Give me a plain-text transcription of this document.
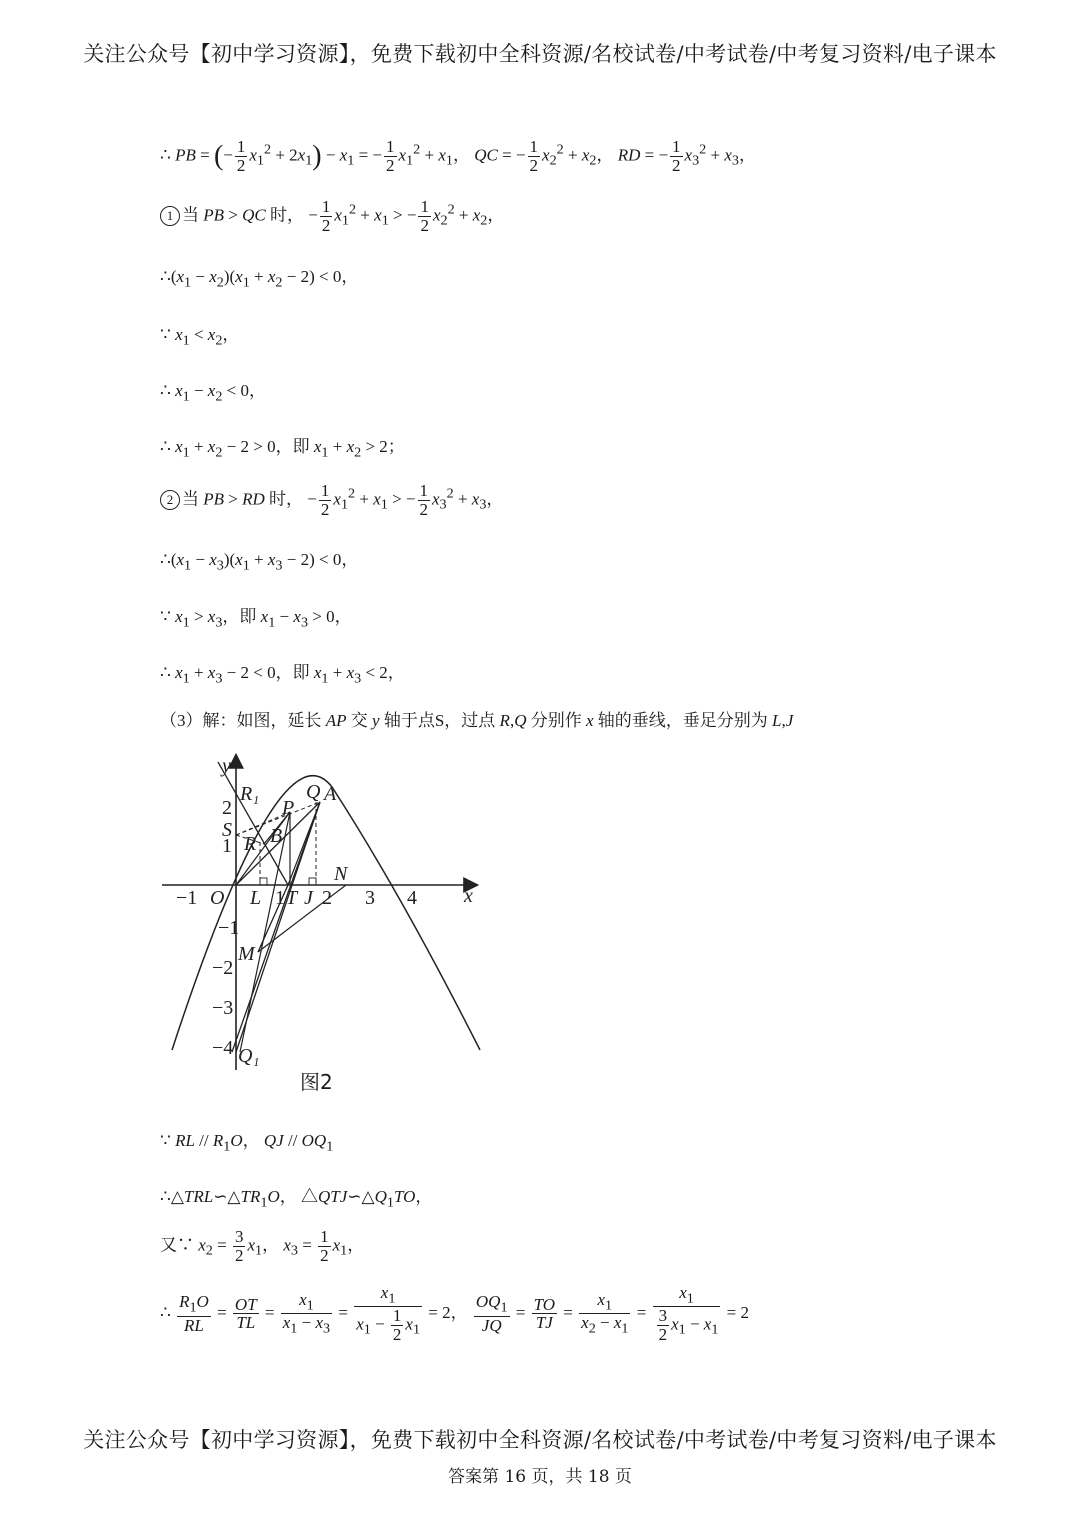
关注公众号【初中学习资源】，免费下载初中全科资源/名校试卷/中考试卷/中考复习资料/电子课本
∴ PB = (− $\frac{1}{2} x_1^2 + 2x_1) - x_1$ = − $\frac{1}{2} x_1^2 + x_1$， QC = − $\frac{1}{2} x_2^2 + x_2$， RD = − $\frac{1}{2} x_3^2 + x_3$，
1 当 PB > QC 时， − $\frac{1}{2} x_1^2 + x_1$ > − $\frac{1}{2} x_2^2 + x_2$，
$\therefore(x_1 - x_2)(x_1 + x_2 - 2) < 0$，
∵ $x_1 < x_2$，
∴ $x_1 - x_2 < 0$，
∴ $x_1 + x_2 - 2 > 0$，即 $x_1 + x_2 > 2$；
2 当 PB > RD 时， − $\frac{1}{2} x_1^2 + x_1$ > − $\frac{1}{2} x_3^2 + x_3$，
$\therefore(x_1 - x_3)(x_1 + x_3 - 2) < 0$，
∵ $x_1 > x_3$，即 $x_1 - x_3 > 0$，
∴ $x_1 + x_3 - 2 < 0$，即 $x_1 + x_3 < 2$，
（3）解：如图，延长 AP 交 y 轴于点S，过点 R,Q 分别作 x 轴的垂线，垂足分别为 L,J
y
x
−1	1 2 3 4
2
1
−1
−2
−3
−4
R₁
P
Q A
S B
R
O L T J
N
M
Q₁
图2
∵ RL // $R_1O$， QJ // $OQ_1$
$\therefore\triangle TRL∽\triangle TR_1O$， $\triangle QTJ∽\triangle Q_1TO$，
又∵ $x_2 = \frac{3}{2} x_1$， $x_3 = \frac{1}{2} x_1$，
∴ $\frac{R_1O}{RL} = \frac{OT}{TL} = \frac{x_1}{x_1 - x_3} = \frac{x_1}{x_1 - \frac{1}{2} x_1} = 2$， $\frac{OQ_1}{JQ} = \frac{TO}{TJ} = \frac{x_1}{x_2 - x_1} = \frac{x_1}{\frac{3}{2} x_1 - x_1} = 2$
关注公众号【初中学习资源】，免费下载初中全科资源/名校试卷/中考试卷/中考复习资料/电子课本
答案第 16 页，共 18 页
